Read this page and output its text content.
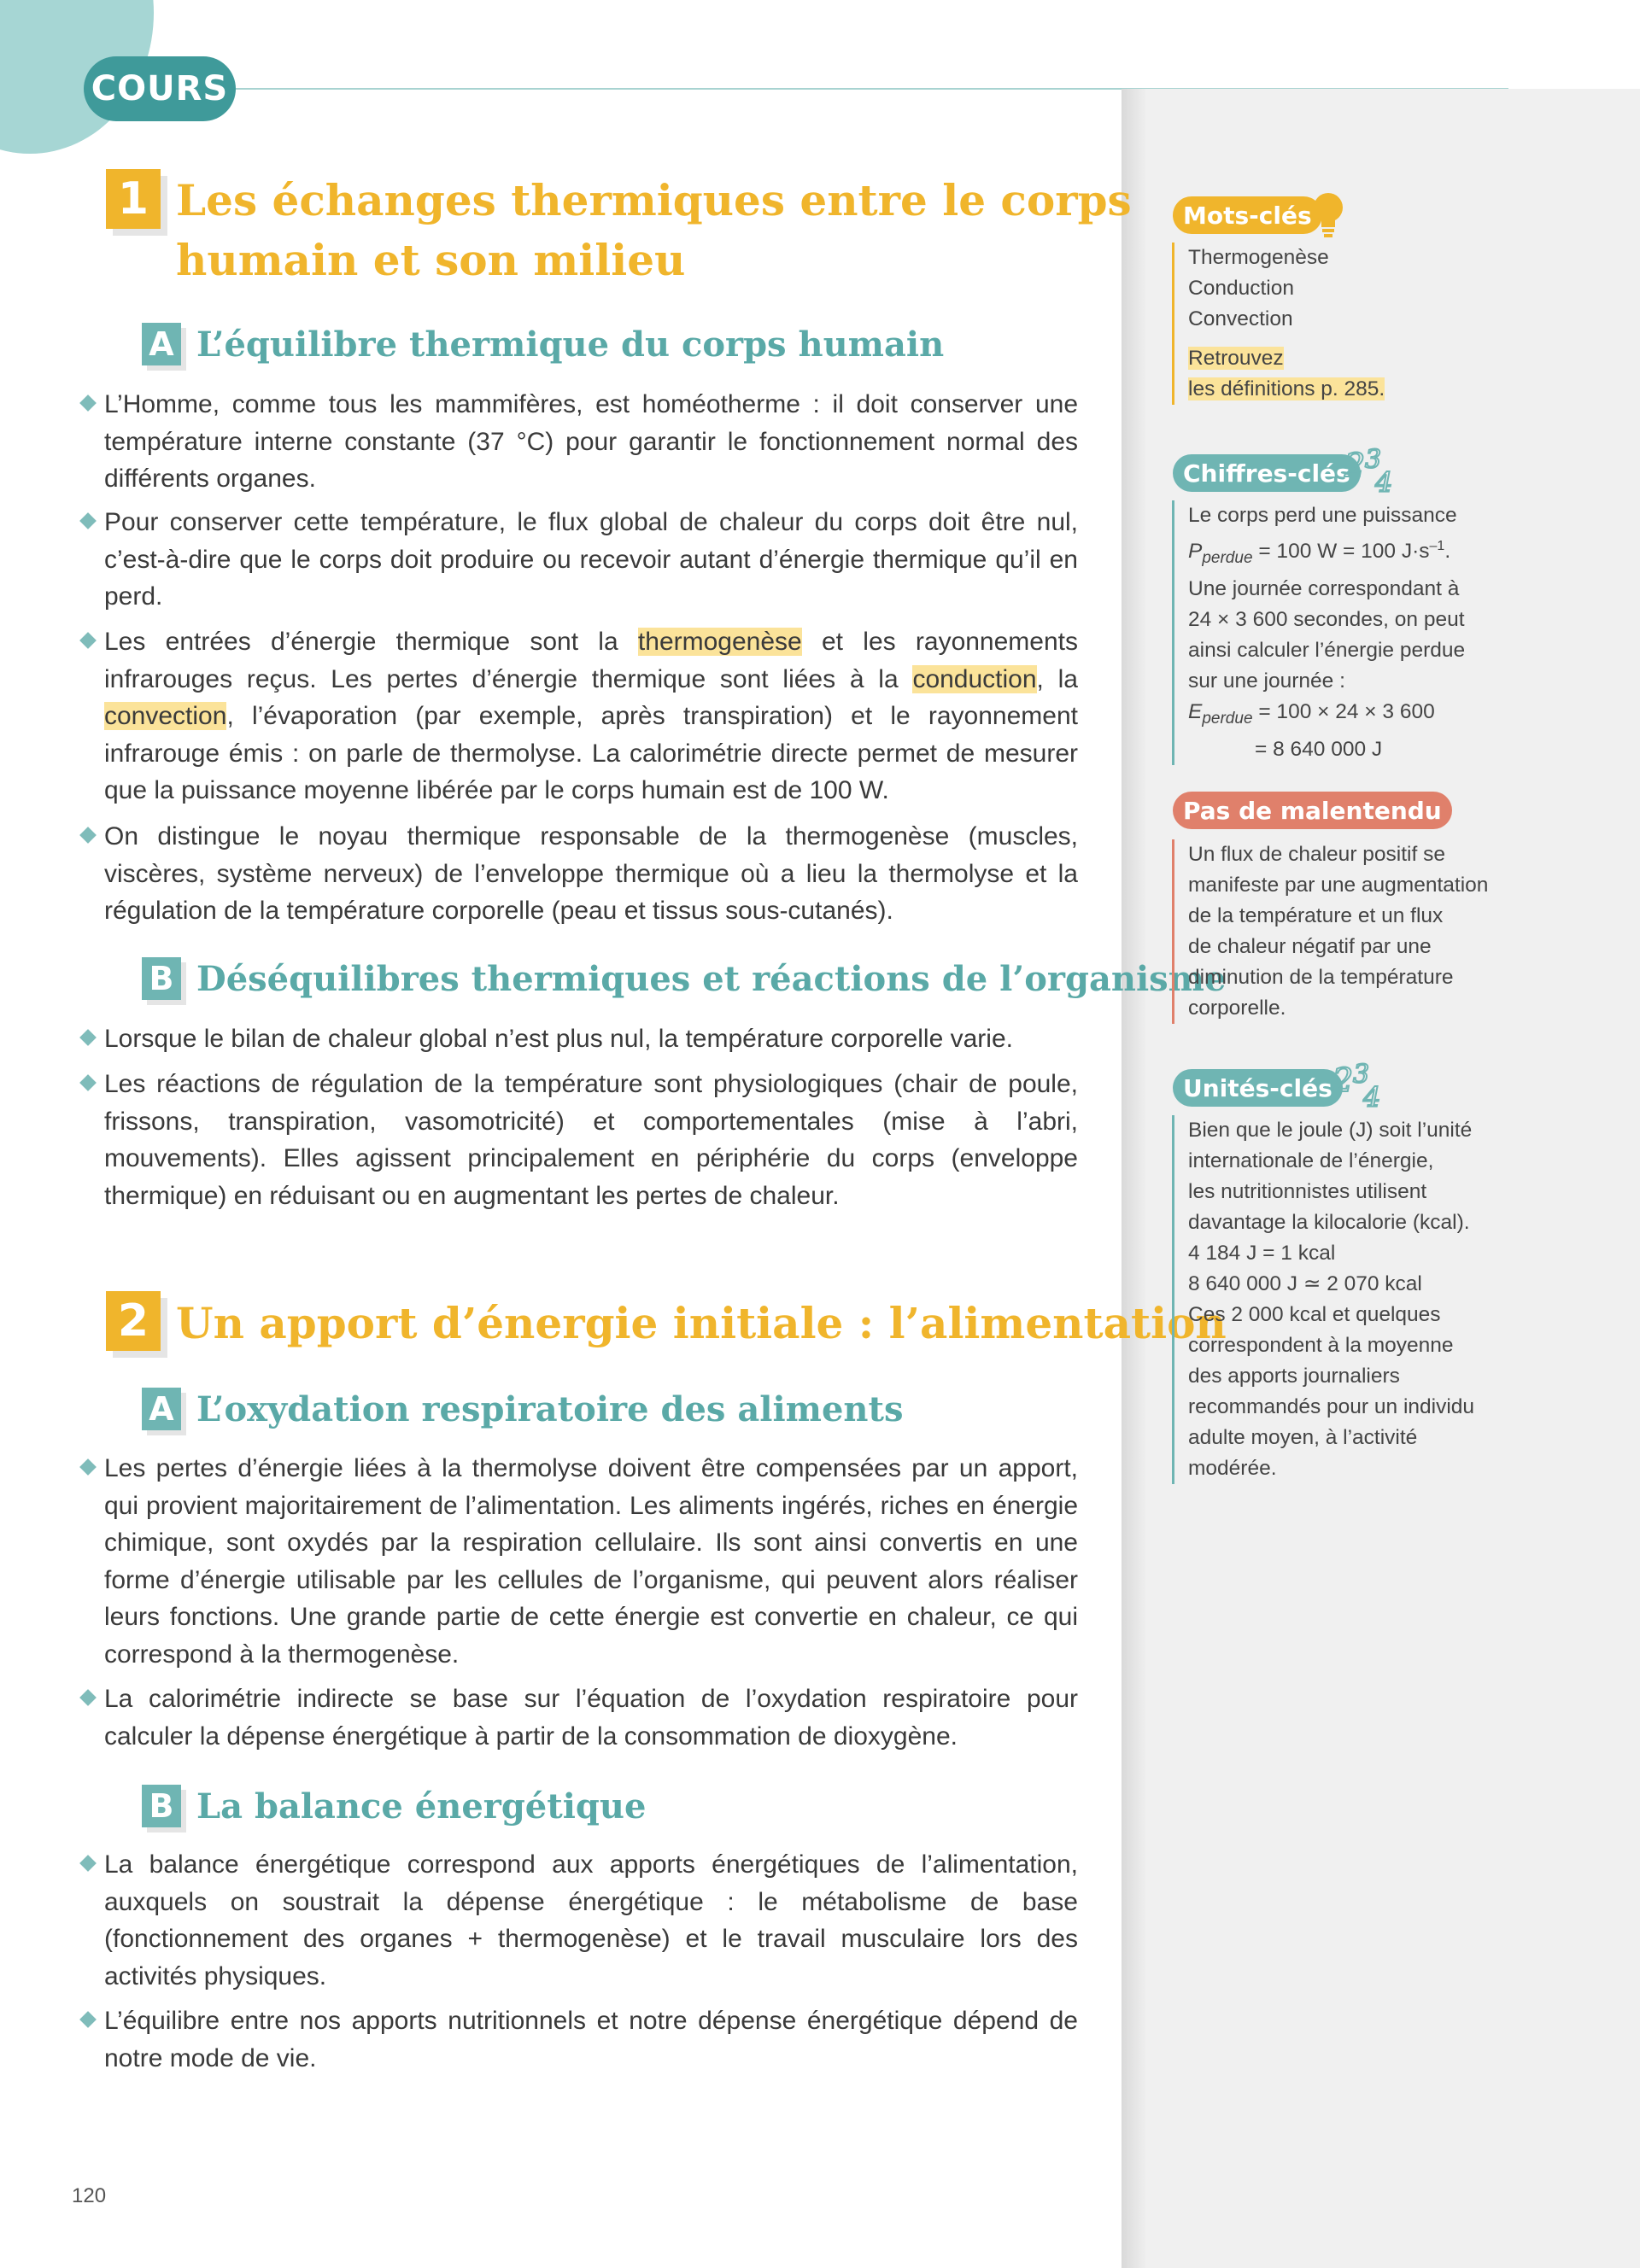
COURS
1 Les échanges thermiques entre le corps
humain et son milieu
A L’équilibre thermique du corps humain
L’Homme, comme tous les mammifères, est homéotherme : il doit conserver une température interne constante (37 °C) pour garantir le fonctionnement normal des différents organes.
Pour conserver cette température, le flux global de chaleur du corps doit être nul, c’est-à-dire que le corps doit produire ou recevoir autant d’énergie thermique qu’il en perd.
Les entrées d’énergie thermique sont la thermogenèse et les rayonnements infrarouges reçus. Les pertes d’énergie thermique sont liées à la conduction, la convection, l’évaporation (par exemple, après transpiration) et le rayonnement infrarouge émis : on parle de thermolyse. La calorimétrie directe permet de mesurer que la puissance moyenne libérée par le corps humain est de 100 W.
On distingue le noyau thermique responsable de la thermogenèse (muscles, viscères, système nerveux) de l’enveloppe thermique où a lieu la thermolyse et la régulation de la température corporelle (peau et tissus sous-cutanés).
B Déséquilibres thermiques et réactions de l’organisme
Lorsque le bilan de chaleur global n’est plus nul, la température corporelle varie.
Les réactions de régulation de la température sont physiologiques (chair de poule, frissons, transpiration, vasomotricité) et comportementales (mise à l’abri, mouvements). Elles agissent principalement en périphérie du corps (enveloppe thermique) en réduisant ou en augmentant les pertes de chaleur.
2 Un apport d’énergie initiale : l’alimentation
A L’oxydation respiratoire des aliments
Les pertes d’énergie liées à la thermolyse doivent être compensées par un apport, qui provient majoritairement de l’alimentation. Les aliments ingérés, riches en énergie chimique, sont oxydés par la respiration cellulaire. Ils sont ainsi convertis en une forme d’énergie utilisable par les cellules de l’organisme, qui peuvent alors réaliser leurs fonctions. Une grande partie de cette énergie est convertie en chaleur, ce qui correspond à la thermogenèse.
La calorimétrie indirecte se base sur l’équation de l’oxydation respiratoire pour calculer la dépense énergétique à partir de la consommation de dioxygène.
B La balance énergétique
La balance énergétique correspond aux apports énergétiques de l’alimentation, auxquels on soustrait la dépense énergétique : le métabolisme de base (fonctionnement des organes + thermogenèse) et le travail musculaire lors des activités physiques.
L’équilibre entre nos apports nutritionnels et notre dépense énergétique dépend de notre mode de vie.
120
Mots-clés
Thermogenèse
Conduction
Convection
Retrouvez
les définitions p. 285.
Chiffres-clés
2 3
4
Le corps perd une puissance
$P_{perdue} = 100$ W = 100 $J\cdot s^{-1}$.
Une journée correspondant à
24 × 3 600 secondes, on peut
ainsi calculer l’énergie perdue
sur une journée :
$E_{perdue} = 100 \times 24 \times 3$ 600
= 8 640 000 J
Pas de malentendu
Un flux de chaleur positif se
manifeste par une augmentation
de la température et un flux
de chaleur négatif par une
diminution de la température
corporelle.
Unités-clés 2 3
4
Bien que le joule (J) soit l’unité
internationale de l’énergie,
les nutritionnistes utilisent
davantage la kilocalorie (kcal).
4 184 J = 1 kcal
8 640 000 J ≃ 2 070 kcal
Ces 2 000 kcal et quelques
correspondent à la moyenne
des apports journaliers
recommandés pour un individu
adulte moyen, à l’activité
modérée.
